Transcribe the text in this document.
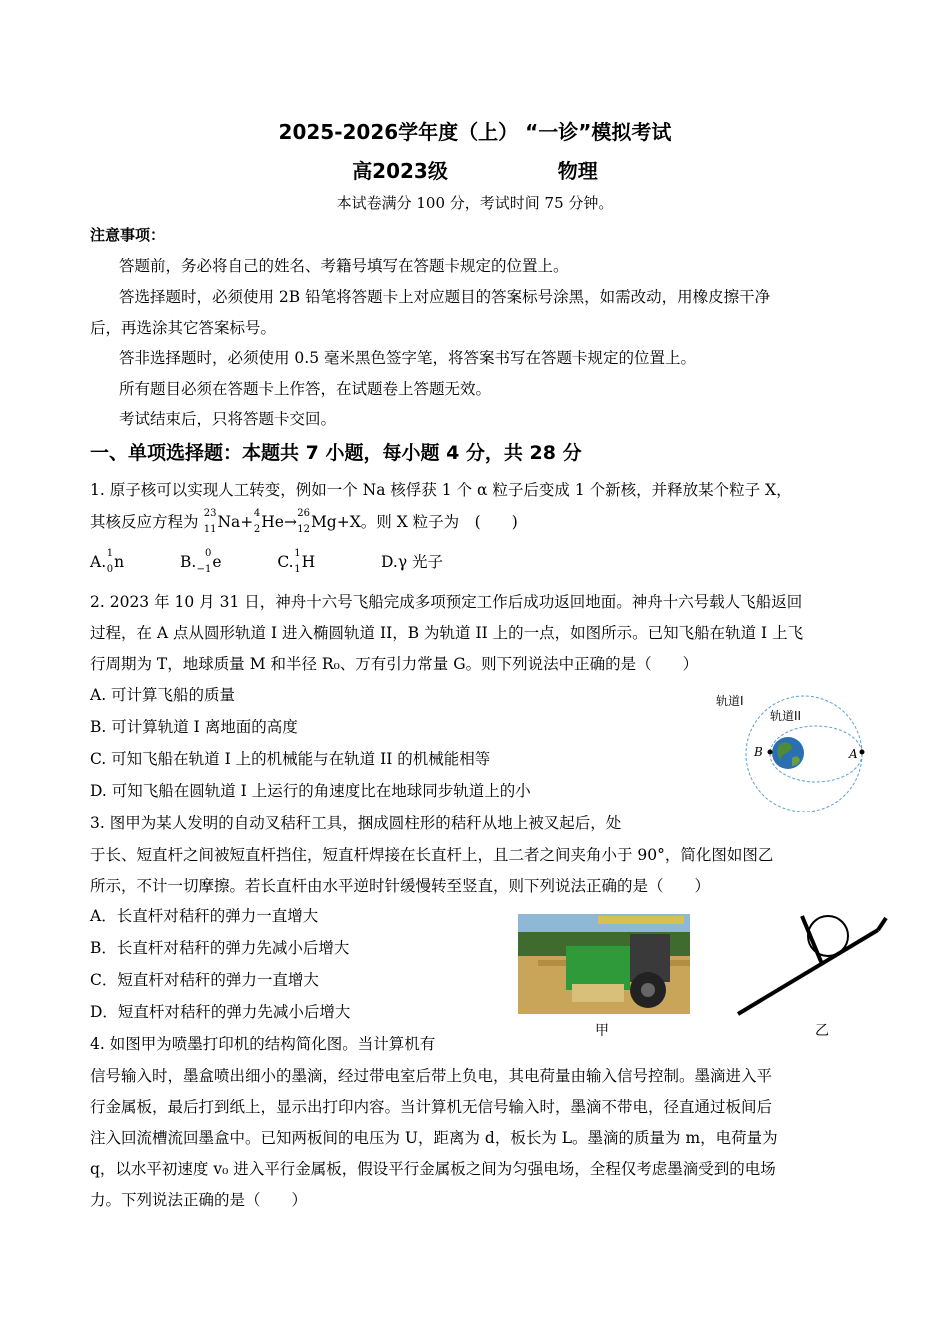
2025-2026学年度（上） “一诊”模拟考试
高2023级	物理
本试卷满分 100 分，考试时间 75 分钟。
注意事项：
答题前，务必将自己的姓名、考籍号填写在答题卡规定的位置上。
答选择题时，必须使用 2B 铅笔将答题卡上对应题目的答案标号涂黑，如需改动，用橡皮擦干净
后，再选涂其它答案标号。
答非选择题时，必须使用 0.5 毫米黑色签字笔，将答案书写在答题卡规定的位置上。
所有题目必须在答题卡上作答，在试题卷上答题无效。
考试结束后，只将答题卡交回。
一、单项选择题：本题共 7 小题，每小题 4 分，共 28 分
1. 原子核可以实现人工转变，例如一个 Na 核俘获 1 个 α 粒子后变成 1 个新核，并释放某个粒子 X，
其核反应方程为 23
11 Na+ 4
2 He→ 26
12 Mg+X。则 X 粒子为　(　　)
A. 1
0 n	B. 0
−1 e	C. 1
1 H	D.γ 光子
2. 2023 年 10 月 31 日，神舟十六号飞船完成多项预定工作后成功返回地面。神舟十六号载人飞船返回
过程，在 A 点从圆形轨道 I 进入椭圆轨道 II，B 为轨道 II 上的一点，如图所示。已知飞船在轨道 I 上飞
行周期为 T，地球质量 M 和半径 R₀、万有引力常量 G。则下列说法中正确的是（　　）
A. 可计算飞船的质量
B. 可计算轨道 I 离地面的高度
C. 可知飞船在轨道 I 上的机械能与在轨道 II 的机械能相等
D. 可知飞船在圆轨道 I 上运行的角速度比在地球同步轨道上的小
轨道I
轨道II
B	A
3. 图甲为某人发明的自动叉秸秆工具，捆成圆柱形的秸秆从地上被叉起后，处
于长、短直杆之间被短直杆挡住，短直杆焊接在长直杆上，且二者之间夹角小于 90°，简化图如图乙
所示，不计一切摩擦。若长直杆由水平逆时针缓慢转至竖直，则下列说法正确的是（　　）
A．长直杆对秸秆的弹力一直增大
B．长直杆对秸秆的弹力先减小后增大
C．短直杆对秸秆的弹力一直增大
D．短直杆对秸秆的弹力先减小后增大
甲	乙
4. 如图甲为喷墨打印机的结构简化图。当计算机有
信号输入时，墨盒喷出细小的墨滴，经过带电室后带上负电，其电荷量由输入信号控制。墨滴进入平
行金属板，最后打到纸上，显示出打印内容。当计算机无信号输入时，墨滴不带电，径直通过板间后
注入回流槽流回墨盒中。已知两板间的电压为 U，距离为 d，板长为 L。墨滴的质量为 m，电荷量为
q，以水平初速度 v₀ 进入平行金属板，假设平行金属板之间为匀强电场，全程仅考虑墨滴受到的电场
力。下列说法正确的是（　　）
